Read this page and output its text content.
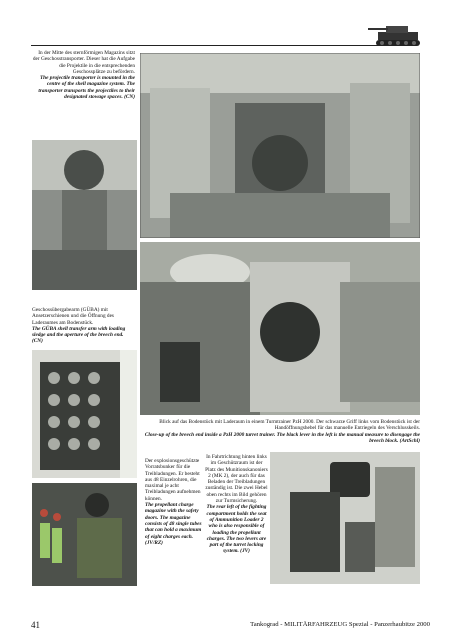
In der Mitte des sternförmigen Magazins sitzt der Geschosstransporter. Dieser hat die Aufgabe die Projektile in die entsprechenden Geschossplätze zu befördern.
The projectile transporter is mounted in the centre of the shell magazine system. The transporter transports the projectiles to their designated stowage spaces. (CN)
Geschossübergabearm (GÜBA) mit Ansetzerschienen und die Öffnung des Laderaumes am Bodenstück.
The GÜBA shell transfer arm with loading sledge and the aperture of the breech end. (CN)
Blick auf das Bodenstück mit Laderaum in einem Turmtrainer PzH 2000. Der schwarze Griff links vom Bodenstück ist der Handöffnungshebel für das manuelle Entriegeln des Verschlusskeils.
Close-up of the breech end inside a PzH 2000 turret trainer. The black lever in the left is the manual measure to disengage the breech block. (ArtSchl)
Der explosionsgeschützte Vorratsbunker für die Treibladungen. Er besteht aus 48 Einzelrohren, die maximal je acht Treibladungen aufnehmen können.
The propellant charge magazine with the safety doors. The magazine consists of 48 single tubes that can hold a maximum of eight charges each. (JV/RZ)
In Fahrtrichtung hinten links im Geschützraum ist der Platz des Munitionskanoniers 2 (MK 2), der auch für das Beladen der Treibladungen zuständig ist. Die zwei Hebel oben rechts im Bild gehören zur Turmsicherung.
The rear left of the fighting compartment holds the seat of Ammunition Loader 2 who is also responsible of loading the propellant charges. The two levers are part of the turret locking system. (JV)
41	Tankograd - MILITÄRFAHRZEUG Spezial - Panzerhaubitze 2000
